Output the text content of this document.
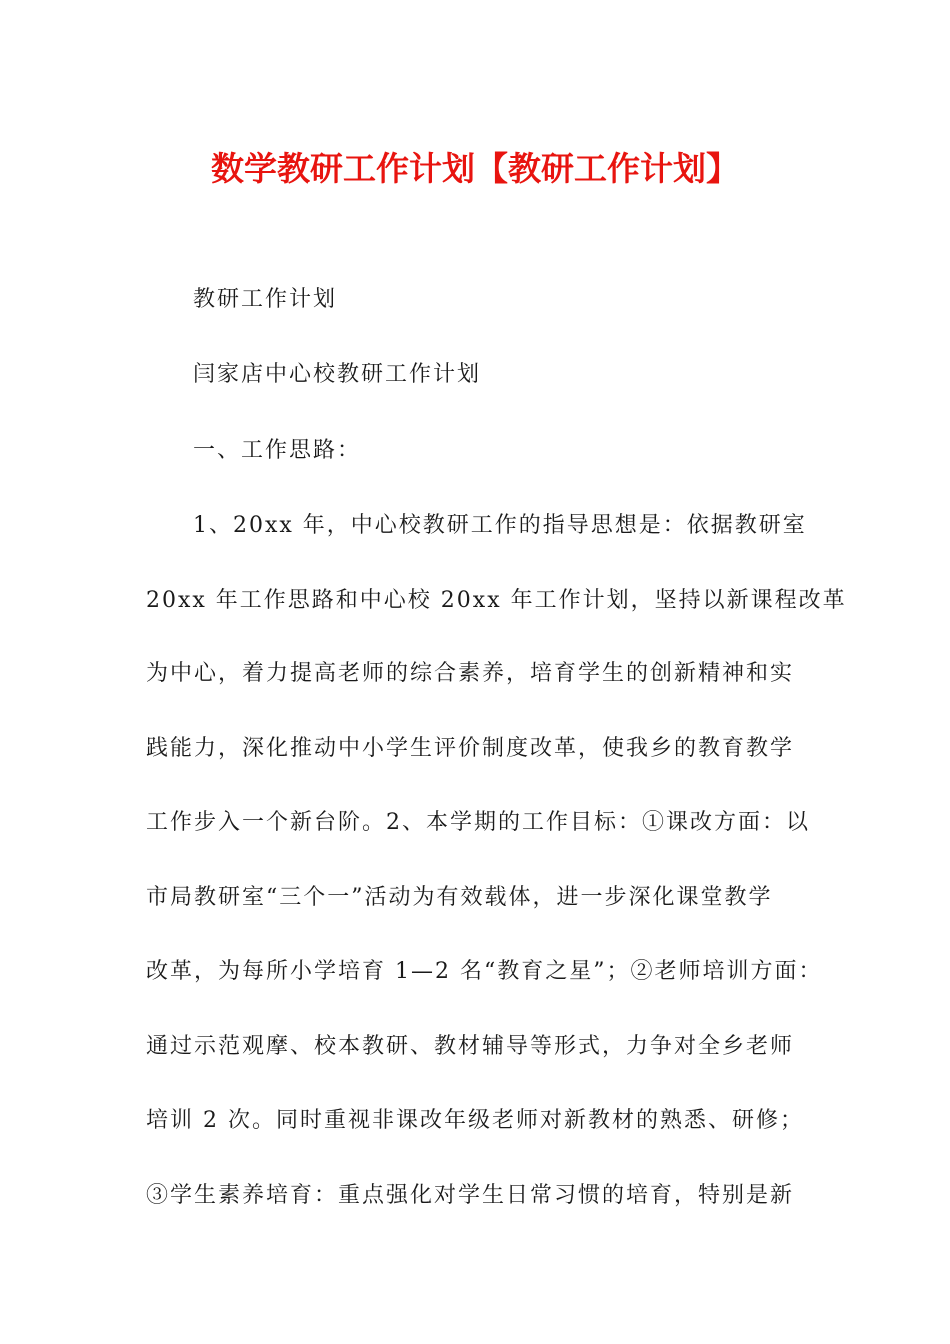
数学教研工作计划【教研工作计划】

教研工作计划

闫家店中心校教研工作计划

一、工作思路：

1、20xx 年，中心校教研工作的指导思想是：依据教研室

20xx 年工作思路和中心校 20xx 年工作计划，坚持以新课程改革

为中心，着力提高老师的综合素养，培育学生的创新精神和实

践能力，深化推动中小学生评价制度改革，使我乡的教育教学

工作步入一个新台阶。2、本学期的工作目标：①课改方面：以

市局教研室“三个一”活动为有效载体，进一步深化课堂教学

改革，为每所小学培育 1—2 名“教育之星”；②老师培训方面：

通过示范观摩、校本教研、教材辅导等形式，力争对全乡老师

培训 2 次。同时重视非课改年级老师对新教材的熟悉、研修；

③学生素养培育：重点强化对学生日常习惯的培育，特别是新
